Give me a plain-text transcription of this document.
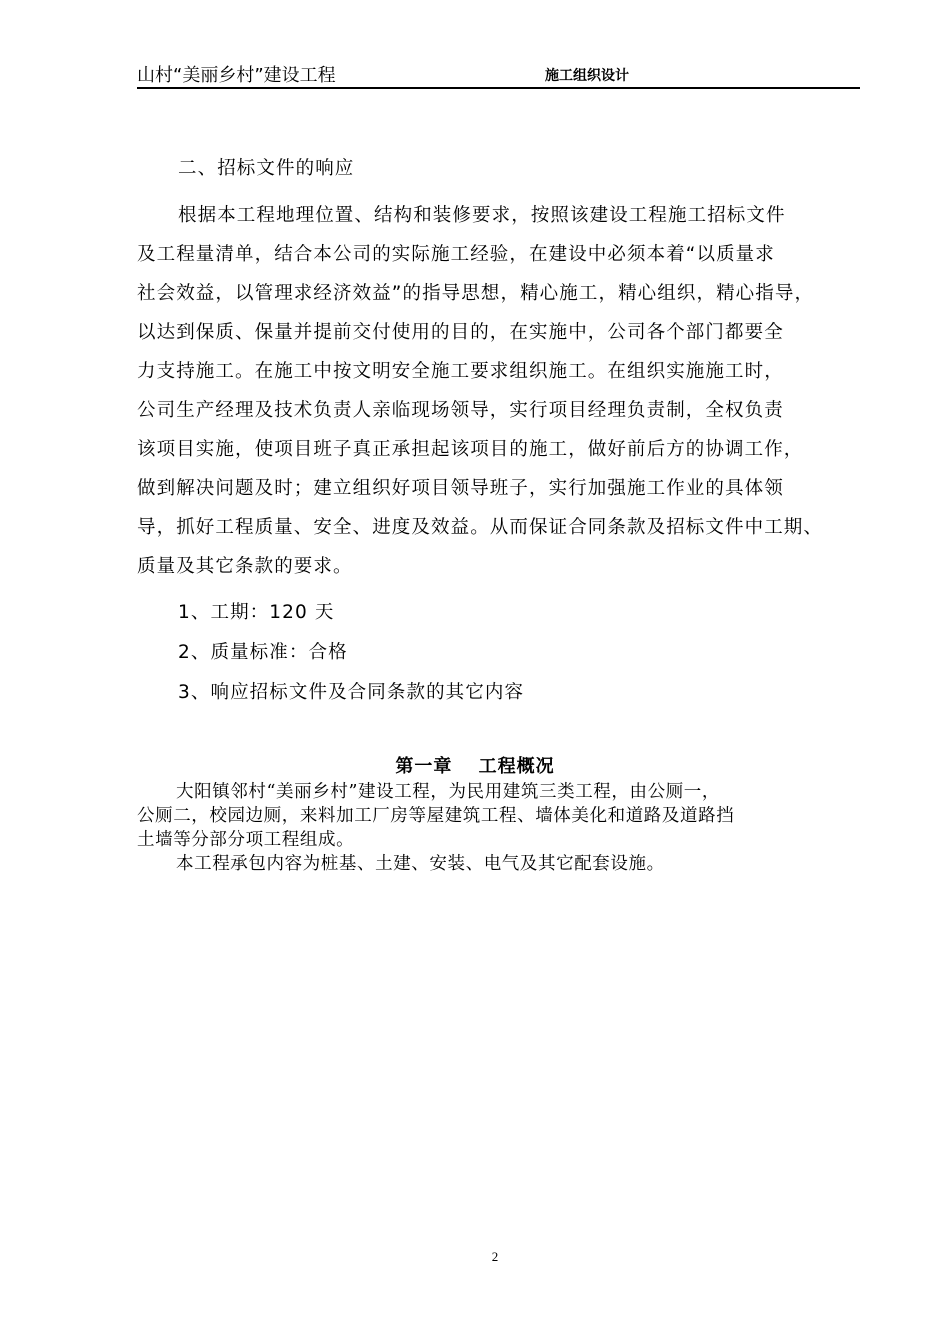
山村“美丽乡村”建设工程	施工组织设计
二、招标文件的响应
根据本工程地理位置、结构和装修要求，按照该建设工程施工招标文件
及工程量清单，结合本公司的实际施工经验，在建设中必须本着“以质量求
社会效益，以管理求经济效益”的指导思想，精心施工，精心组织，精心指导，
以达到保质、保量并提前交付使用的目的，在实施中，公司各个部门都要全
力支持施工。在施工中按文明安全施工要求组织施工。在组织实施施工时，
公司生产经理及技术负责人亲临现场领导，实行项目经理负责制，全权负责
该项目实施，使项目班子真正承担起该项目的施工，做好前后方的协调工作，
做到解决问题及时；建立组织好项目领导班子，实行加强施工作业的具体领
导，抓好工程质量、安全、进度及效益。从而保证合同条款及招标文件中工期、
质量及其它条款的要求。
1、工期：120 天
2、质量标准：合格
3、响应招标文件及合同条款的其它内容
第一章　 工程概况
大阳镇邻村“美丽乡村”建设工程，为民用建筑三类工程，由公厕一，
公厕二，校园边厕，来料加工厂房等屋建筑工程、墙体美化和道路及道路挡
土墙等分部分项工程组成。
本工程承包内容为桩基、土建、安装、电气及其它配套设施。
2
